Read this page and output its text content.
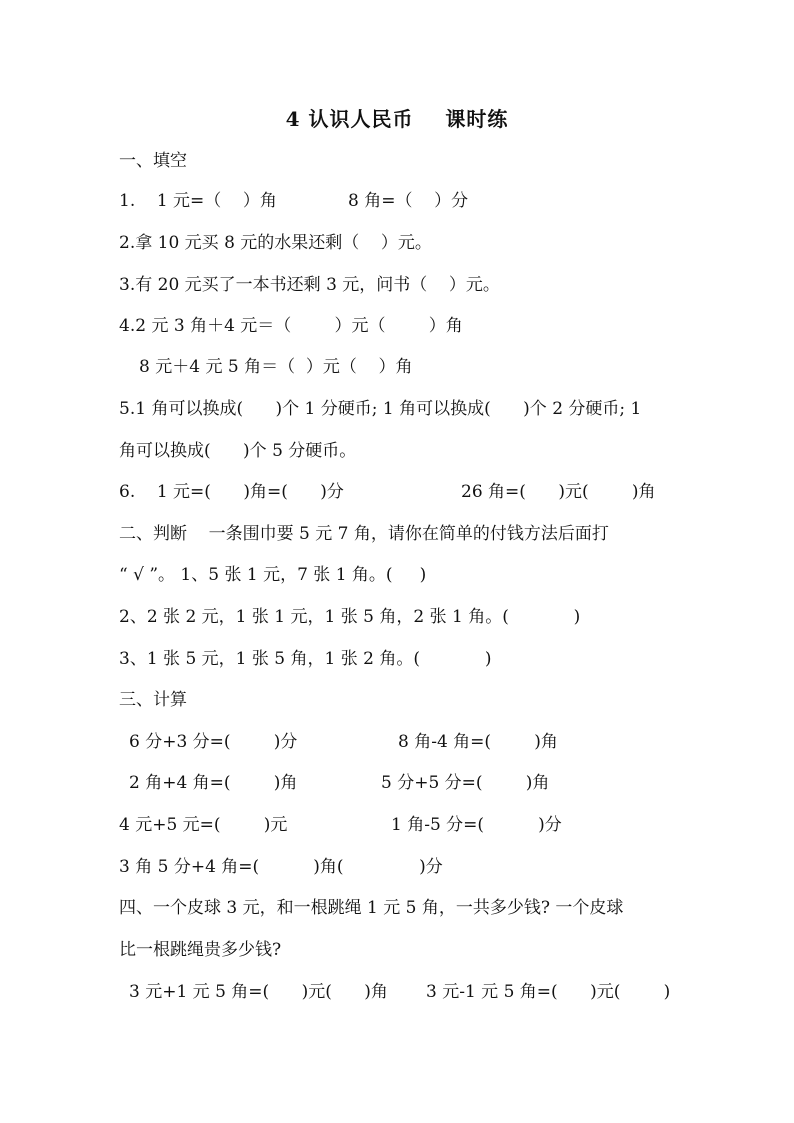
4 认识人民币    课时练
一、填空
1.    1 元=（    ）角	8 角=（    ）分
2.拿 10 元买 8 元的水果还剩（    ）元。
3.有 20 元买了一本书还剩 3 元，问书（    ）元。
4.2 元 3 角＋4 元＝（        ）元（        ）角
8 元＋4 元 5 角＝（  ）元（    ）角
5.1 角可以换成(      )个 1 分硬币; 1 角可以换成(      )个 2 分硬币; 1
角可以换成(      )个 5 分硬币。
6.    1 元=(      )角=(      )分	26 角=(      )元(        )角
二、判断    一条围巾要 5 元 7 角，请你在简单的付钱方法后面打
“ √ ”。 1、5 张 1 元，7 张 1 角。(     )
2、2 张 2 元，1 张 1 元，1 张 5 角，2 张 1 角。(            )
3、1 张 5 元，1 张 5 角，1 张 2 角。(            )
三、计算
6 分+3 分=(        )分	8 角-4 角=(        )角
2 角+4 角=(        )角	5 分+5 分=(        )角
4 元+5 元=(        )元	1 角-5 分=(          )分
3 角 5 分+4 角=(          )角(              )分
四、一个皮球 3 元，和一根跳绳 1 元 5 角，一共多少钱? 一个皮球
比一根跳绳贵多少钱?
3 元+1 元 5 角=(      )元(      )角 3 元-1 元 5 角=(      )元(        )
